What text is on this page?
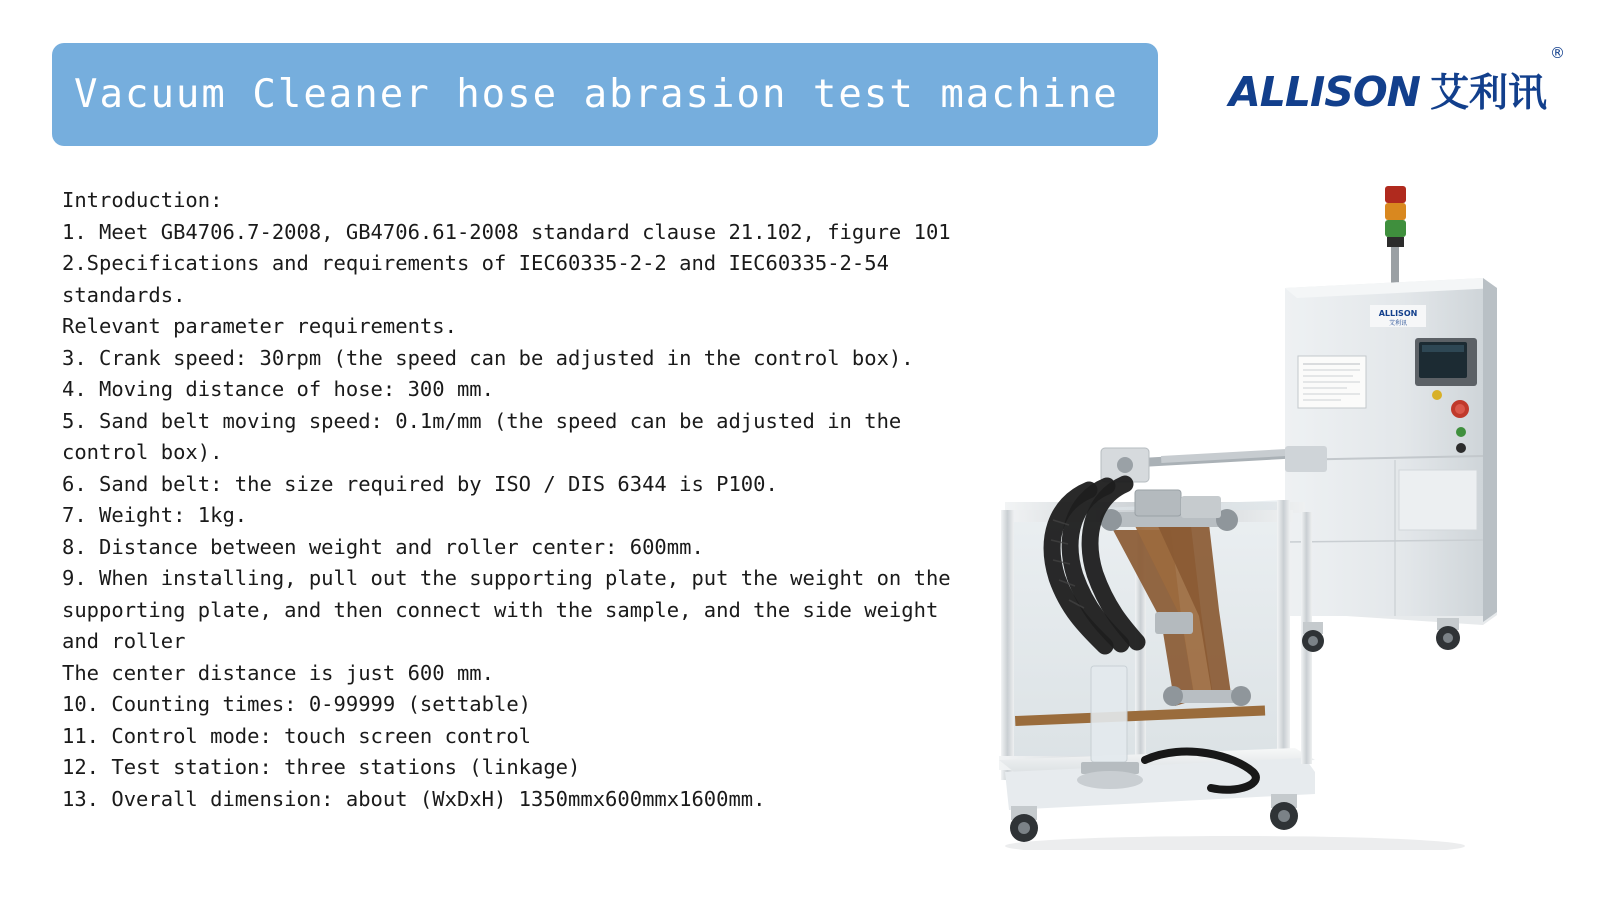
Vacuum Cleaner hose abrasion test machine	ALLISON 艾利讯
®

Introduction:

1. Meet GB4706.7-2008, GB4706.61-2008 standard clause 21.102, figure 101

2.Specifications and requirements of IEC60335-2-2 and IEC60335-2-54 standards.

Relevant parameter requirements.

3. Crank speed: 30rpm (the speed can be adjusted in the control box).

4. Moving distance of hose: 300 mm.

5. Sand belt moving speed: 0.1m/mm (the speed can be adjusted in the control box).

6. Sand belt: the size required by ISO / DIS 6344 is P100.

7. Weight: 1kg.

8. Distance between weight and roller center: 600mm.

9. When installing, pull out the supporting plate, put the weight on the supporting plate, and then connect with the sample, and the side weight and roller

The center distance is just 600 mm.

10. Counting times: 0-99999 (settable)

11. Control mode: touch screen control

12. Test station: three stations (linkage)

13. Overall dimension: about (WxDxH) 1350mmx600mmx1600mm.

ALLISON
艾利讯
